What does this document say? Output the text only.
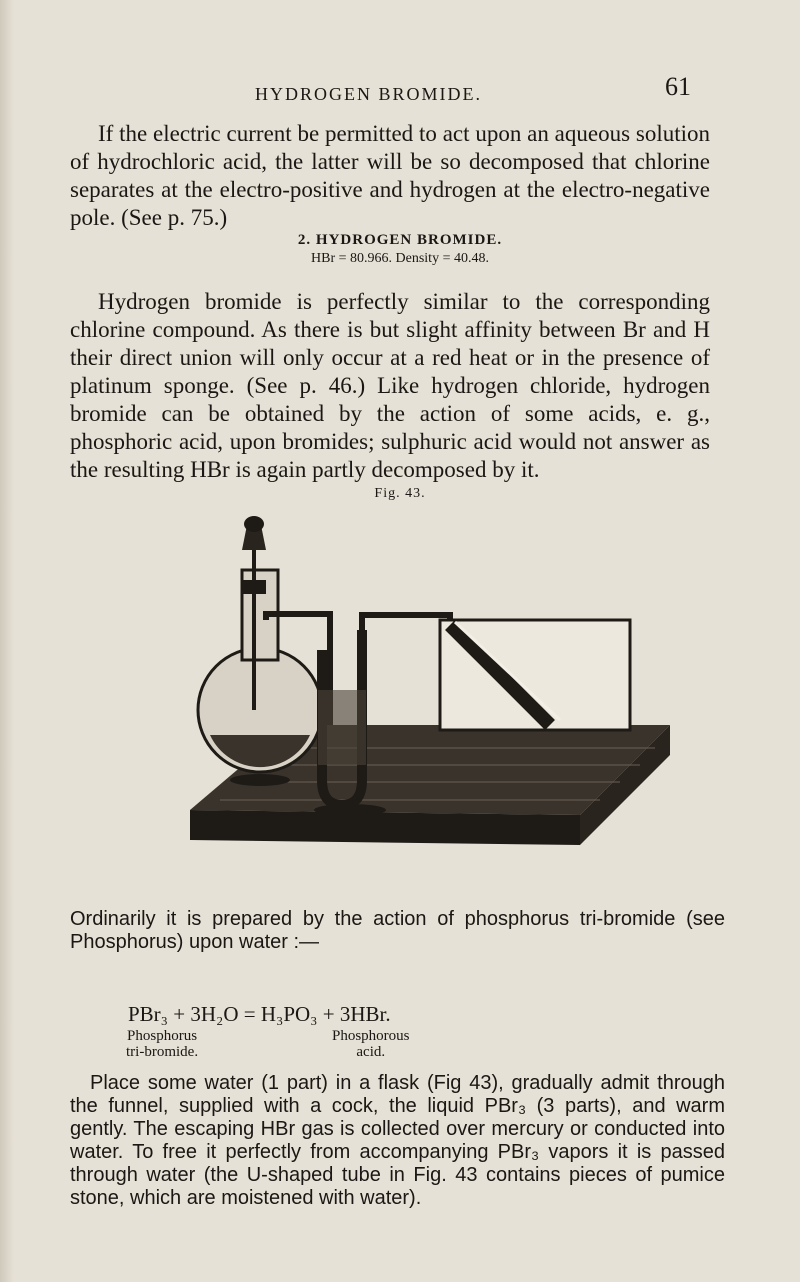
HYDROGEN BROMIDE.	61

If the electric current be permitted to act upon an aqueous solution of hydrochloric acid, the latter will be so decomposed that chlorine separates at the electro-positive and hydrogen at the electro-negative pole. (See p. 75.)

2. HYDROGEN BROMIDE.
HBr = 80.966. Density = 40.48.

Hydrogen bromide is perfectly similar to the corresponding chlorine compound. As there is but slight affinity between Br and H their direct union will only occur at a red heat or in the presence of platinum sponge. (See p. 46.) Like hydrogen chloride, hydrogen bromide can be obtained by the action of some acids, e. g., phosphoric acid, upon bromides; sulphuric acid would not answer as the resulting HBr is again partly decomposed by it.

Fig. 43.

Ordinarily it is prepared by the action of phosphorus tri-bromide (see Phosphorus) upon water :—

PBr₃ + 3H₂O = H₃PO₃ + 3HBr.
Phosphorus
tri-bromide.
Phosphorous
acid.

Place some water (1 part) in a flask (Fig 43), gradually admit through the funnel, supplied with a cock, the liquid PBr₃ (3 parts), and warm gently. The escaping HBr gas is collected over mercury or conducted into water. To free it perfectly from accompanying PBr₃ vapors it is passed through water (the U-shaped tube in Fig. 43 contains pieces of pumice stone, which are moistened with water).
